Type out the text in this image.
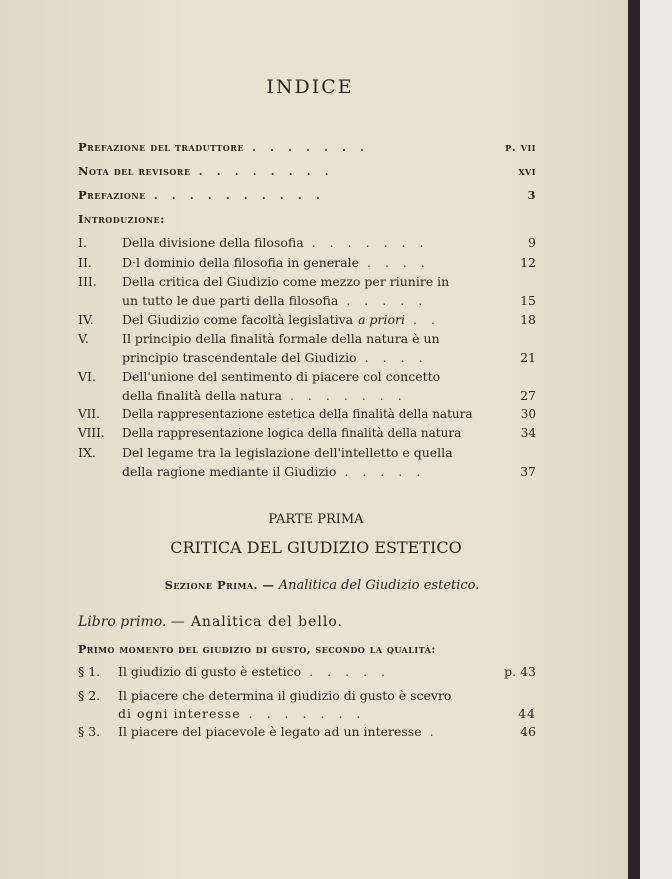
INDICE
Prefazione del traduttore .......	p. vii
Nota del revisore ........	xvi
Prefazione ..........	3
Introduzione:
I.	Della divisione della filosofia .......	9
II.	D·l dominio della filosofia in generale ....	12
III.	Della critica del Giudizio come mezzo per riunire in
un tutto le due parti della filosofia .....	15
IV.	Del Giudizio come facoltà legislativa a priori ..	18
V.	Il principio della finalità formale della natura è un
principio trascendentale del Giudizio ....	21
VI.	Dell'unione del sentimento di piacere col concetto
della finalità della natura .......	27
VII.	Della rappresentazione estetica della finalità della natura	30
VIII.	Della rappresentazione logica della finalità della natura	34
IX.	Del legame tra la legislazione dell'intelletto e quella
della ragione mediante il Giudizio .....	37
PARTE PRIMA
CRITICA DEL GIUDIZIO ESTETICO
Sezione Prima. — Analitica del Giudizio estetico.
Libro primo. — Analitica del bello.
Primo momento del giudizio di gusto, secondo la qualità:
§ 1.	Il giudizio di gusto è estetico .....	p. 43
§ 2.	Il piacere che determina il giudizio di gusto è scevro
di ogni interesse .......	44
§ 3.	Il piacere del piacevole è legato ad un interesse .	46
